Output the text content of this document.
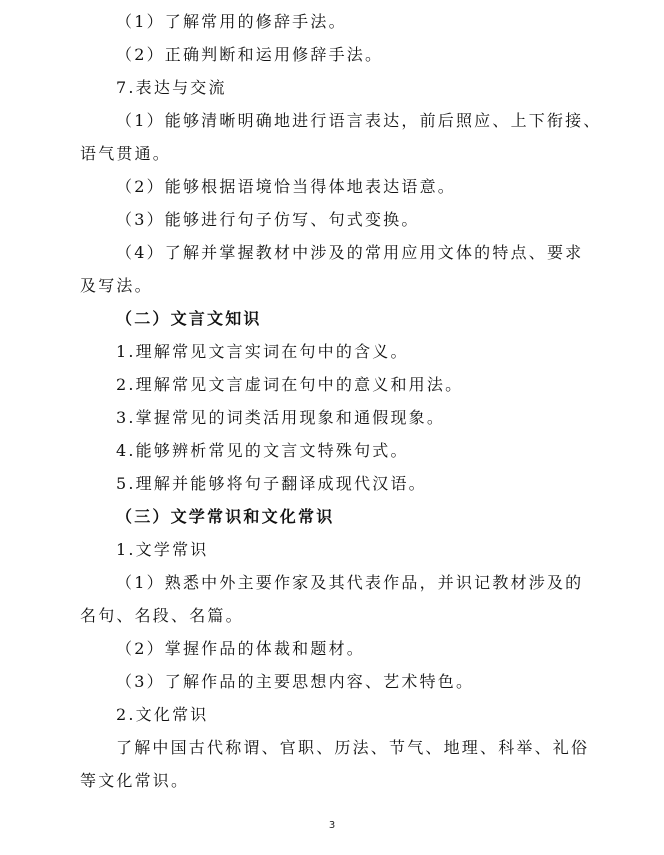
（1）了解常用的修辞手法。
（2）正确判断和运用修辞手法。
7.表达与交流
（1）能够清晰明确地进行语言表达，前后照应、上下衔接、
语气贯通。
（2）能够根据语境恰当得体地表达语意。
（3）能够进行句子仿写、句式变换。
（4）了解并掌握教材中涉及的常用应用文体的特点、要求
及写法。
（二）文言文知识
1.理解常见文言实词在句中的含义。
2.理解常见文言虚词在句中的意义和用法。
3.掌握常见的词类活用现象和通假现象。
4.能够辨析常见的文言文特殊句式。
5.理解并能够将句子翻译成现代汉语。
（三）文学常识和文化常识
1.文学常识
（1）熟悉中外主要作家及其代表作品，并识记教材涉及的
名句、名段、名篇。
（2）掌握作品的体裁和题材。
（3）了解作品的主要思想内容、艺术特色。
2.文化常识
了解中国古代称谓、官职、历法、节气、地理、科举、礼俗
等文化常识。
3
